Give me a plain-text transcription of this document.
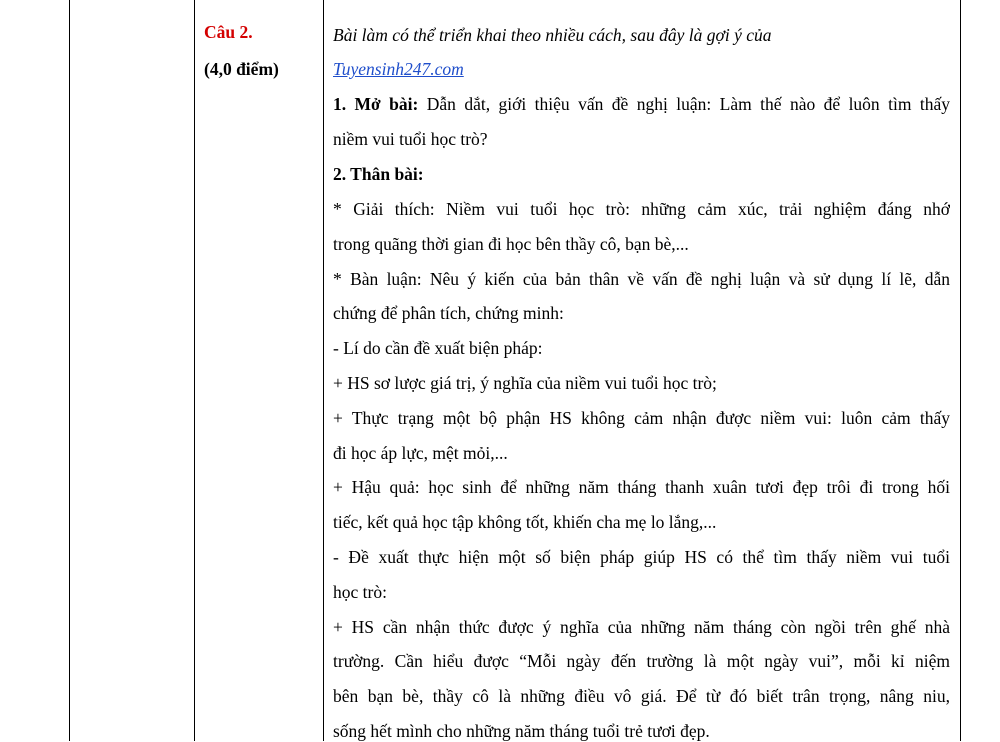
Câu 2.
(4,0 điểm)
Bài làm có thể triển khai theo nhiều cách, sau đây là gợi ý của
Tuyensinh247.com
1. Mở bài: Dẫn dắt, giới thiệu vấn đề nghị luận: Làm thế nào để luôn tìm thấy
niềm vui tuổi học trò?
2. Thân bài:
* Giải thích: Niềm vui tuổi học trò: những cảm xúc, trải nghiệm đáng nhớ
trong quãng thời gian đi học bên thầy cô, bạn bè,...
* Bàn luận: Nêu ý kiến của bản thân về vấn đề nghị luận và sử dụng lí lẽ, dẫn
chứng để phân tích, chứng minh:
- Lí do cần đề xuất biện pháp:
+ HS sơ lược giá trị, ý nghĩa của niềm vui tuổi học trò;
+ Thực trạng một bộ phận HS không cảm nhận được niềm vui: luôn cảm thấy
đi học áp lực, mệt mỏi,...
+ Hậu quả: học sinh để những năm tháng thanh xuân tươi đẹp trôi đi trong hối
tiếc, kết quả học tập không tốt, khiến cha mẹ lo lắng,...
- Đề xuất thực hiện một số biện pháp giúp HS có thể tìm thấy niềm vui tuổi
học trò:
+ HS cần nhận thức được ý nghĩa của những năm tháng còn ngồi trên ghế nhà
trường. Cần hiểu được “Mỗi ngày đến trường là một ngày vui”, mỗi kỉ niệm
bên bạn bè, thầy cô là những điều vô giá. Để từ đó biết trân trọng, nâng niu,
sống hết mình cho những năm tháng tuổi trẻ tươi đẹp.
